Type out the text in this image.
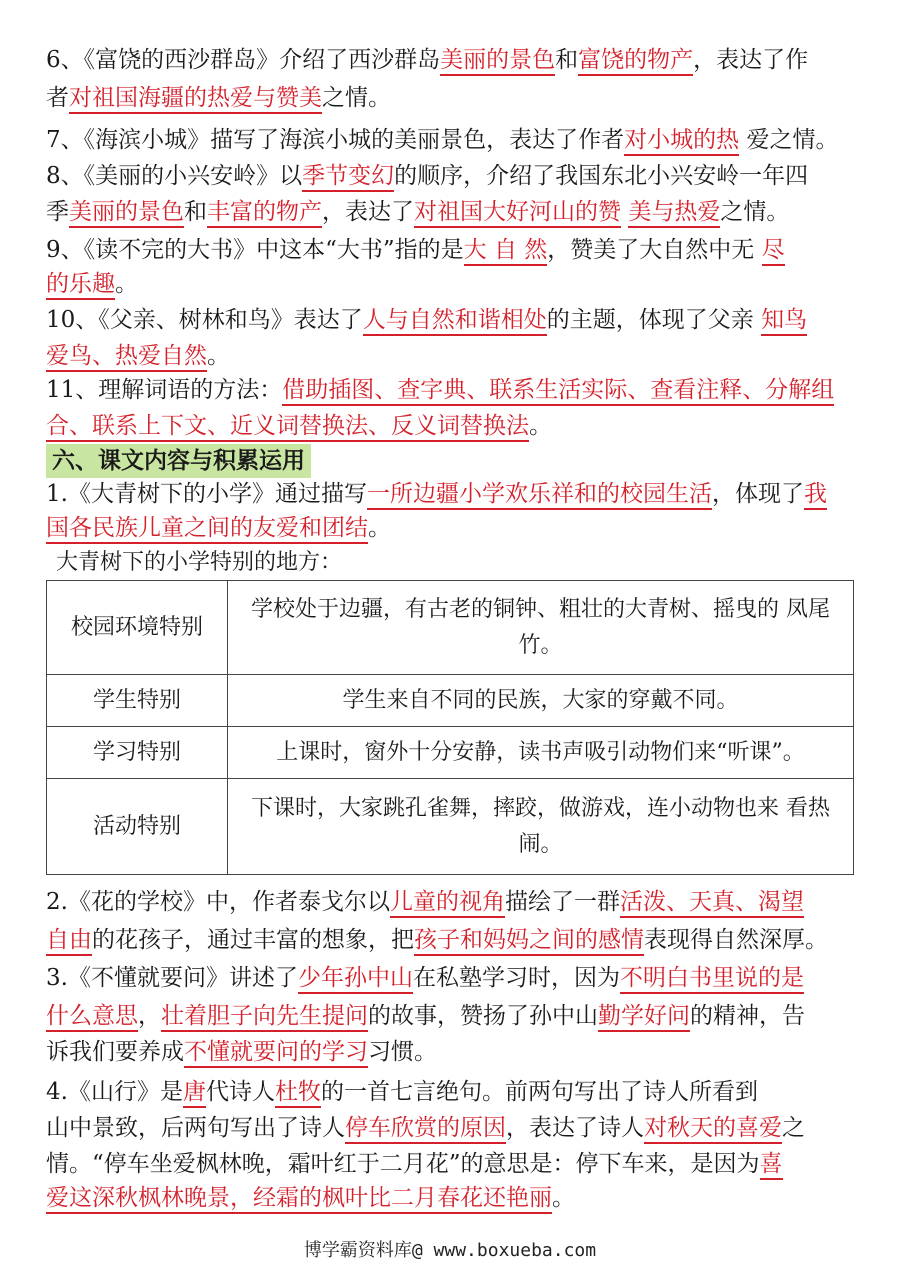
6、《富饶的西沙群岛》介绍了西沙群岛美丽的景色和富饶的物产，表达了作
者对祖国海疆的热爱与赞美之情。
7、《海滨小城》描写了海滨小城的美丽景色，表达了作者对小城的热 爱之情。
8、《美丽的小兴安岭》以季节变幻的顺序，介绍了我国东北小兴安岭一年四
季美丽的景色和丰富的物产，表达了对祖国大好河山的赞 美与热爱之情。
9、《读不完的大书》中这本“大书”指的是大 自 然，赞美了大自然中无 尽
的乐趣。
10、《父亲、树林和鸟》表达了人与自然和谐相处的主题，体现了父亲 知鸟
爱鸟、热爱自然。
11、理解词语的方法：借助插图、查字典、联系生活实际、查看注释、分解组
合、联系上下文、近义词替换法、反义词替换法。
六、课文内容与积累运用
1.《大青树下的小学》通过描写一所边疆小学欢乐祥和的校园生活，体现了我
国各民族儿童之间的友爱和团结。
大青树下的小学特别的地方：
校园环境特别	学校处于边疆，有古老的铜钟、粗壮的大青树、摇曳的 凤尾竹。
学生特别	学生来自不同的民族，大家的穿戴不同。
学习特别	上课时，窗外十分安静，读书声吸引动物们来“听课”。
活动特别	下课时，大家跳孔雀舞，摔跤，做游戏，连小动物也来 看热闹。
2.《花的学校》中，作者泰戈尔以儿童的视角描绘了一群活泼、天真、渴望
自由的花孩子，通过丰富的想象，把孩子和妈妈之间的感情表现得自然深厚。
3.《不懂就要问》讲述了少年孙中山在私塾学习时，因为不明白书里说的是
什么意思，壮着胆子向先生提问的故事，赞扬了孙中山勤学好问的精神，告
诉我们要养成不懂就要问的学习习惯。
4.《山行》是唐代诗人杜牧的一首七言绝句。前两句写出了诗人所看到
山中景致，后两句写出了诗人停车欣赏的原因，表达了诗人对秋天的喜爱之
情。“停车坐爱枫林晚，霜叶红于二月花”的意思是：停下车来，是因为喜
爱这深秋枫林晚景，经霜的枫叶比二月春花还艳丽。
博学霸资料库@ www.boxueba.com
